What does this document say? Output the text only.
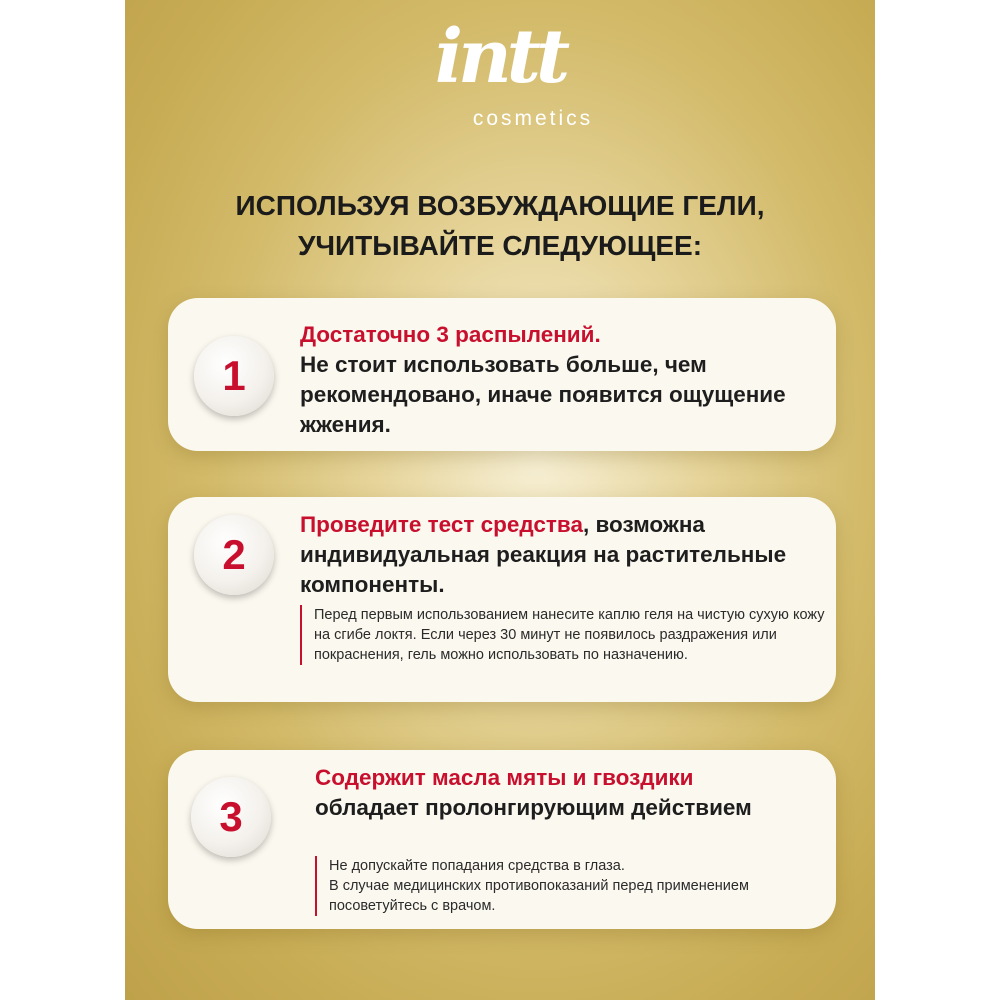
intt
cosmetics
ИСПОЛЬЗУЯ ВОЗБУЖДАЮЩИЕ ГЕЛИ,
УЧИТЫВАЙТЕ СЛЕДУЮЩЕЕ:
1
Достаточно 3 распылений.
Не стоит использовать больше, чем рекомендовано, иначе появится ощущение жжения.
2
Проведите тест средства, возможна индивидуальная реакция на растительные компоненты.
Перед первым использованием нанесите каплю геля на чистую сухую кожу на сгибе локтя. Если через 30 минут не появилось раздражения или покраснения, гель можно использовать по назначению.
3
Содержит масла мяты и гвоздики
обладает пролонгирующим действием
Не допускайте попадания средства в глаза.
В случае медицинских противопоказаний перед применением посоветуйтесь с врачом.
